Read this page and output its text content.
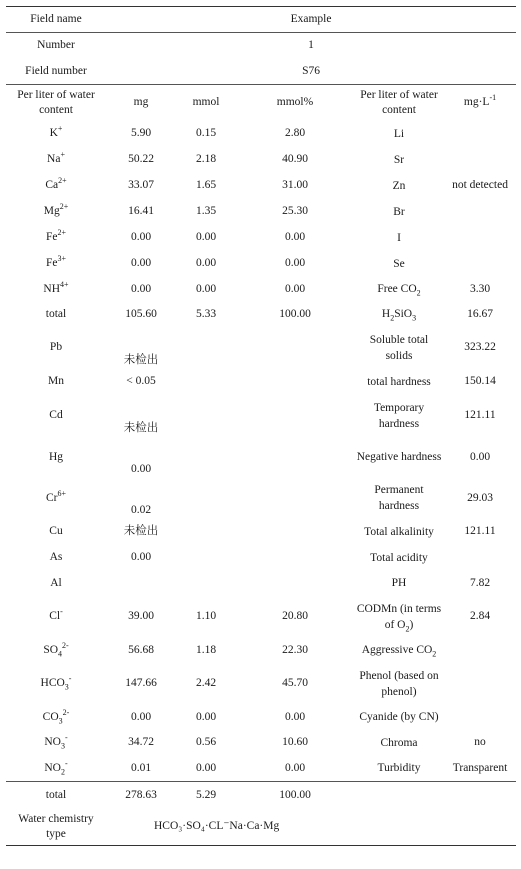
Field name	Example				
Number	1				
Field number	S76				
Per liter of water content	mg	mmol	mmol%	Per liter of water content	$mg\cdot L^{-1}$
K+	5.90	0.15	2.80	Li	
Na+	50.22	2.18	40.90	Sr	
$Ca^{2+}$	33.07	1.65	31.00	Zn	not detected
$Mg^{2+}$	16.41	1.35	25.30	Br	
$Fe^{2+}$	0.00	0.00	0.00	I	
$Fe^{3+}$	0.00	0.00	0.00	Se	
$NH^{4+}$	0.00	0.00	0.00	Free $CO_2$	3.30
total	105.60	5.33	100.00	$H_2SiO_3$	16.67
Pb	未检出			Soluble total solids	323.22
Mn	< 0.05			total hardness	150.14
Cd	未检出			Temporary hardness	121.11
Hg	0.00			Negative hardness	0.00
$Cr^{6+}$	0.02			Permanent hardness	29.03
Cu	未检出			Total alkalinity	121.11
As	0.00			Total acidity	
Al				PH	7.82
Cl-	39.00	1.10	20.80	CODMn (in terms of $O_2$)	2.84
$SO_4^{2-}$	56.68	1.18	22.30	Aggressive $CO_2$	
$HCO_3^-$	147.66	2.42	45.70	Phenol (based on phenol)	
$CO_3^{2-}$	0.00	0.00	0.00	Cyanide (by CN)	
$NO_3^-$	34.72	0.56	10.60	Chroma	no
$NO_2^-$	0.01	0.00	0.00	Turbidity	Transparent
total	278.63	5.29	100.00		
Water chemistry type	HCO₃·SO₄·CL⁻Na·Ca·Mg				
